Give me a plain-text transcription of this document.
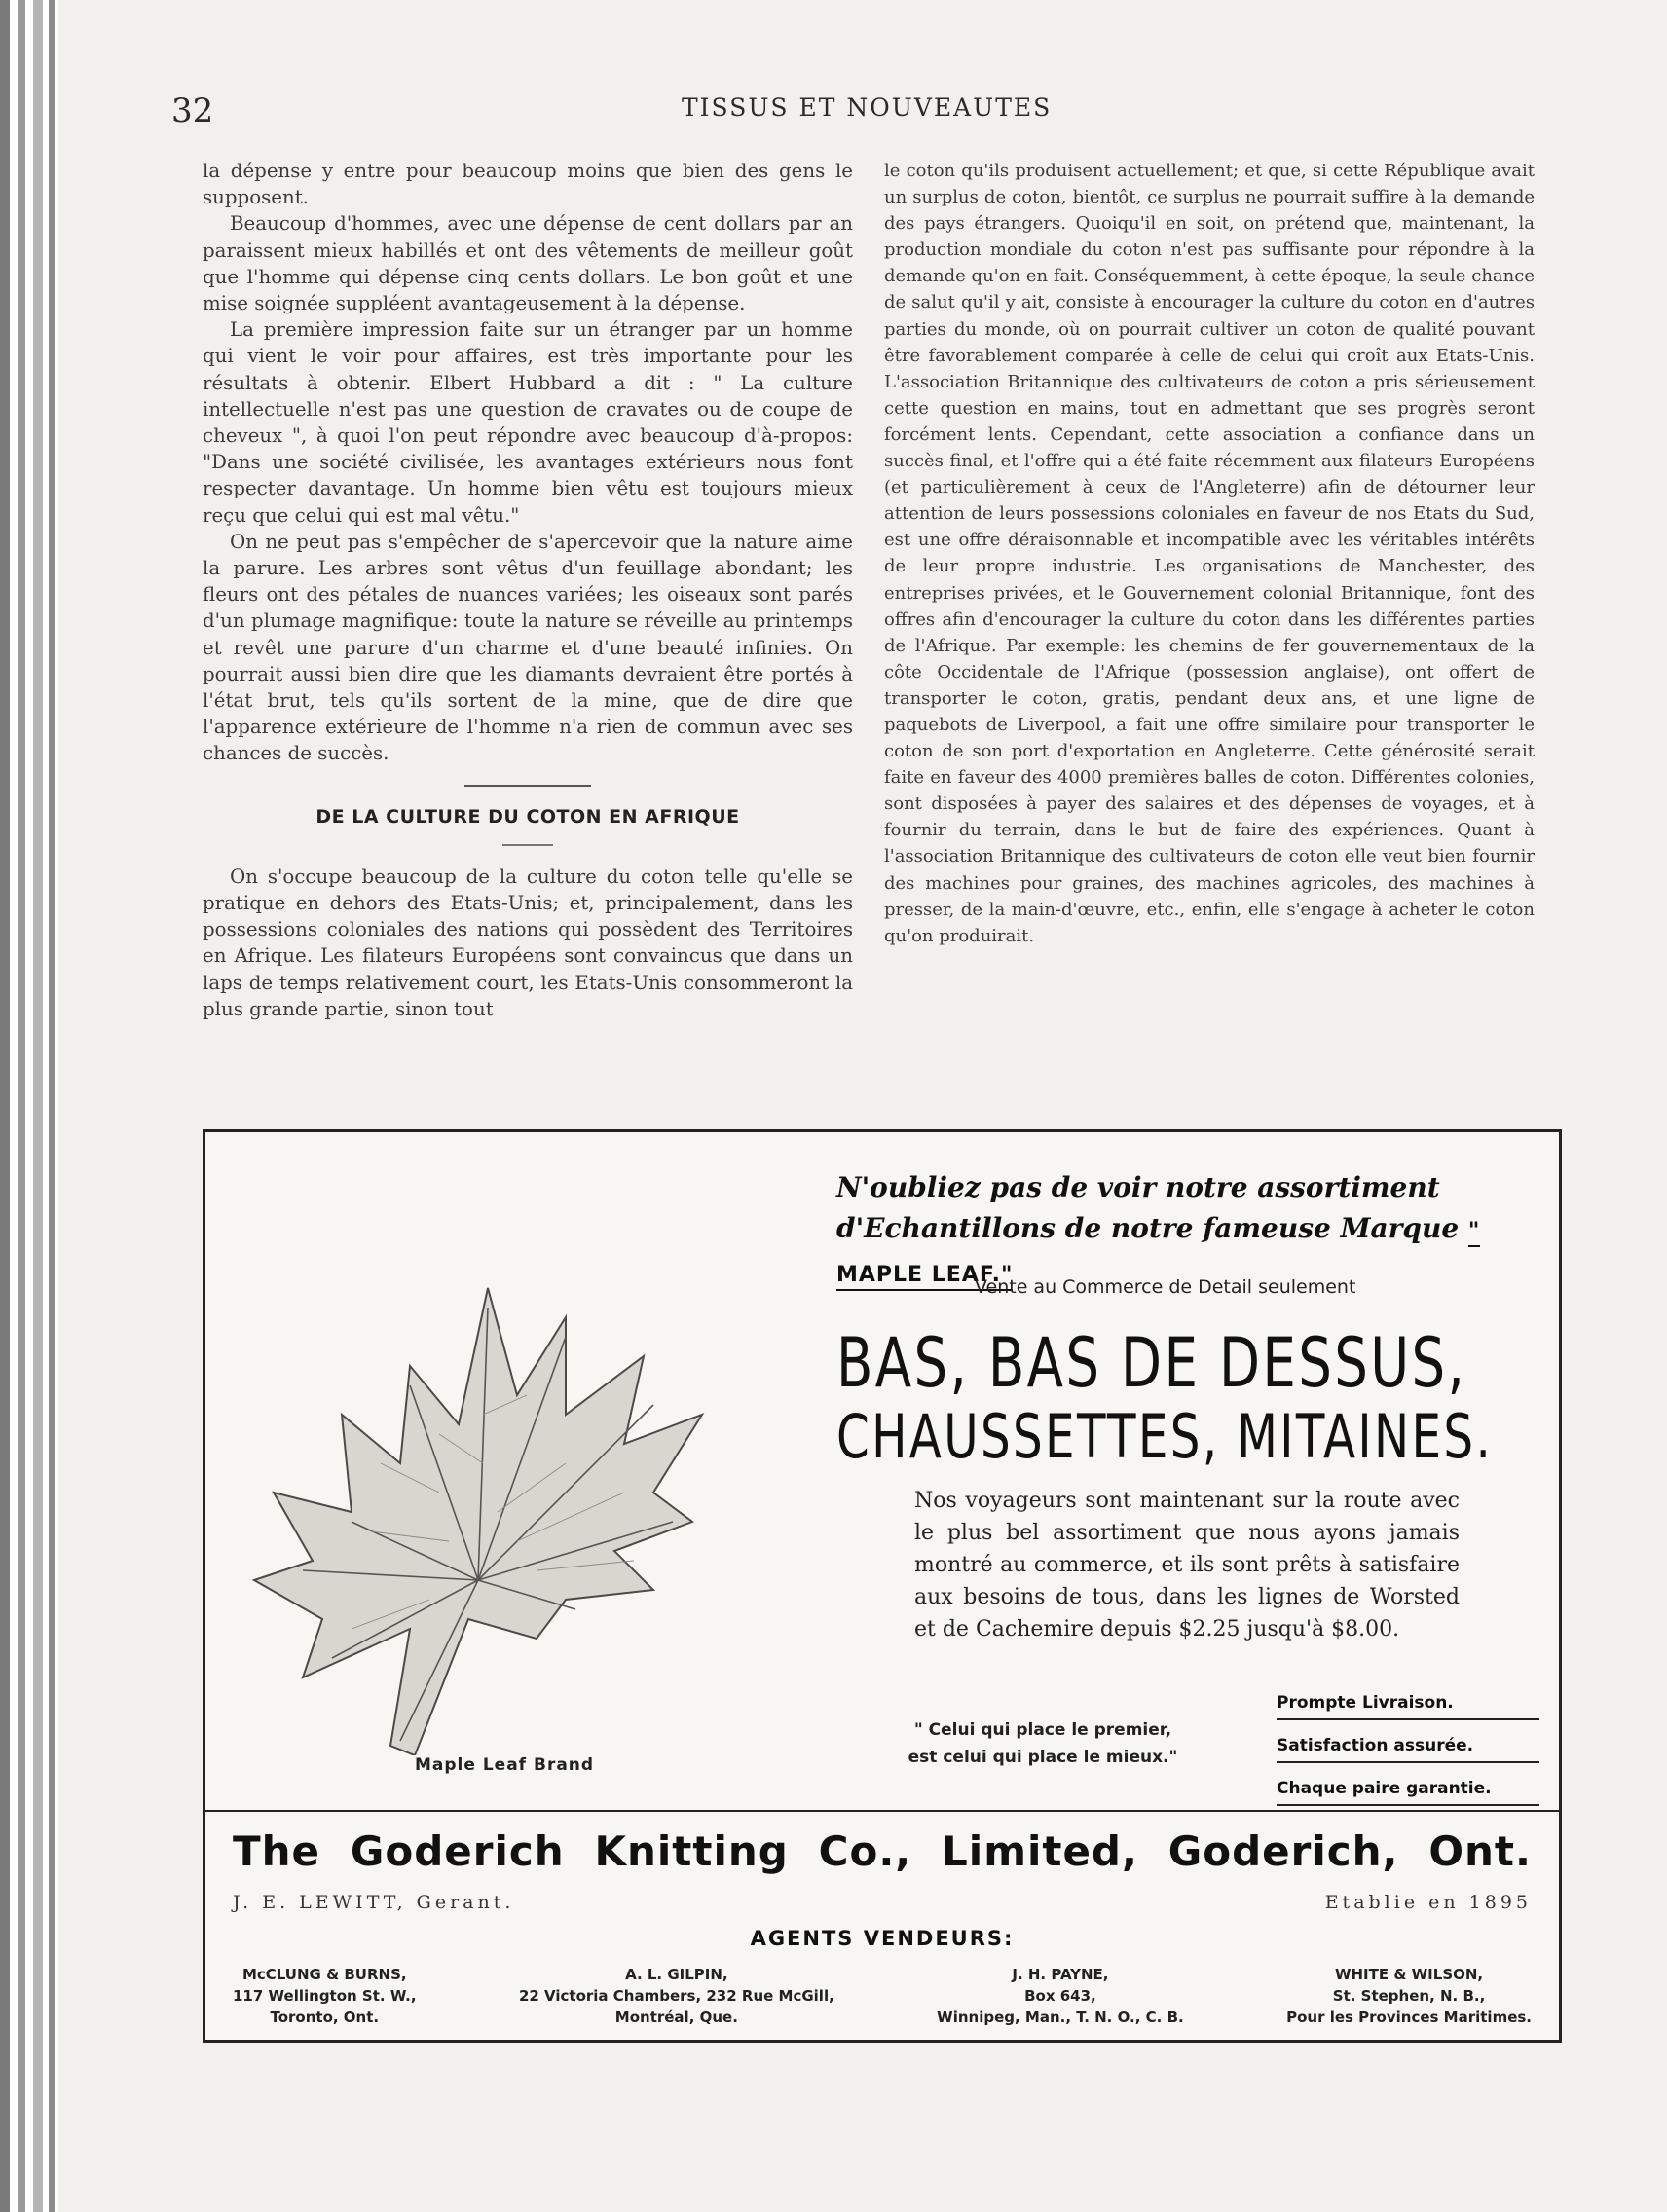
32	TISSUS ET NOUVEAUTES

la dépense y entre pour beaucoup moins que bien des gens le supposent.

Beaucoup d'hommes, avec une dépense de cent dollars par an paraissent mieux habillés et ont des vêtements de meilleur goût que l'homme qui dépense cinq cents dollars. Le bon goût et une mise soignée suppléent avantageusement à la dépense.

La première impression faite sur un étranger par un homme qui vient le voir pour affaires, est très importante pour les résultats à obtenir. Elbert Hubbard a dit : " La culture intellectuelle n'est pas une question de cravates ou de coupe de cheveux ", à quoi l'on peut répondre avec beaucoup d'à-propos: "Dans une société civilisée, les avantages extérieurs nous font respecter davantage. Un homme bien vêtu est toujours mieux reçu que celui qui est mal vêtu."

On ne peut pas s'empêcher de s'apercevoir que la nature aime la parure. Les arbres sont vêtus d'un feuillage abondant; les fleurs ont des pétales de nuances variées; les oiseaux sont parés d'un plumage magnifique: toute la nature se réveille au printemps et revêt une parure d'un charme et d'une beauté infinies. On pourrait aussi bien dire que les diamants devraient être portés à l'état brut, tels qu'ils sortent de la mine, que de dire que l'apparence extérieure de l'homme n'a rien de commun avec ses chances de succès.

DE LA CULTURE DU COTON EN AFRIQUE

On s'occupe beaucoup de la culture du coton telle qu'elle se pratique en dehors des Etats-Unis; et, principalement, dans les possessions coloniales des nations qui possèdent des Territoires en Afrique. Les filateurs Européens sont convaincus que dans un laps de temps relativement court, les Etats-Unis consommeront la plus grande partie, sinon tout

le coton qu'ils produisent actuellement; et que, si cette République avait un surplus de coton, bientôt, ce surplus ne pourrait suffire à la demande des pays étrangers. Quoiqu'il en soit, on prétend que, maintenant, la production mondiale du coton n'est pas suffisante pour répondre à la demande qu'on en fait. Conséquemment, à cette époque, la seule chance de salut qu'il y ait, consiste à encourager la culture du coton en d'autres parties du monde, où on pourrait cultiver un coton de qualité pouvant être favorablement comparée à celle de celui qui croît aux Etats-Unis. L'association Britannique des cultivateurs de coton a pris sérieusement cette question en mains, tout en admettant que ses progrès seront forcément lents. Cependant, cette association a confiance dans un succès final, et l'offre qui a été faite récemment aux filateurs Européens (et particulièrement à ceux de l'Angleterre) afin de détourner leur attention de leurs possessions coloniales en faveur de nos Etats du Sud, est une offre déraisonnable et incompatible avec les véritables intérêts de leur propre industrie. Les organisations de Manchester, des entreprises privées, et le Gouvernement colonial Britannique, font des offres afin d'encourager la culture du coton dans les différentes parties de l'Afrique. Par exemple: les chemins de fer gouvernementaux de la côte Occidentale de l'Afrique (possession anglaise), ont offert de transporter le coton, gratis, pendant deux ans, et une ligne de paquebots de Liverpool, a fait une offre similaire pour transporter le coton de son port d'exportation en Angleterre. Cette générosité serait faite en faveur des 4000 premières balles de coton. Différentes colonies, sont disposées à payer des salaires et des dépenses de voyages, et à fournir du terrain, dans le but de faire des expériences. Quant à l'association Britannique des cultivateurs de coton elle veut bien fournir des machines pour graines, des machines agricoles, des machines à presser, de la main-d'œuvre, etc., enfin, elle s'engage à acheter le coton qu'on produirait.

Maple Leaf Brand
N'oubliez pas de voir notre assortiment d'Echantillons de notre fameuse Marque " MAPLE LEAF."
Vente au Commerce de Detail seulement
BAS, BAS DE DESSUS,
CHAUSSETTES, MITAINES.
Nos voyageurs sont maintenant sur la route avec le plus bel assortiment que nous ayons jamais montré au commerce, et ils sont prêts à satisfaire aux besoins de tous, dans les lignes de Worsted et de Cachemire depuis $2.25 jusqu'à $8.00.
" Celui qui place le premier,
est celui qui place le mieux."
Prompte Livraison.
Satisfaction assurée.
Chaque paire garantie.
The Goderich Knitting Co., Limited, Goderich, Ont.
J. E. LEWITT, Gerant.	Etablie en 1895
AGENTS VENDEURS:
McCLUNG & BURNS,
117 Wellington St. W.,
Toronto, Ont.
A. L. GILPIN,
22 Victoria Chambers, 232 Rue McGill,
Montréal, Que.
J. H. PAYNE,
Box 643,
Winnipeg, Man., T. N. O., C. B.
WHITE & WILSON,
St. Stephen, N. B.,
Pour les Provinces Maritimes.
